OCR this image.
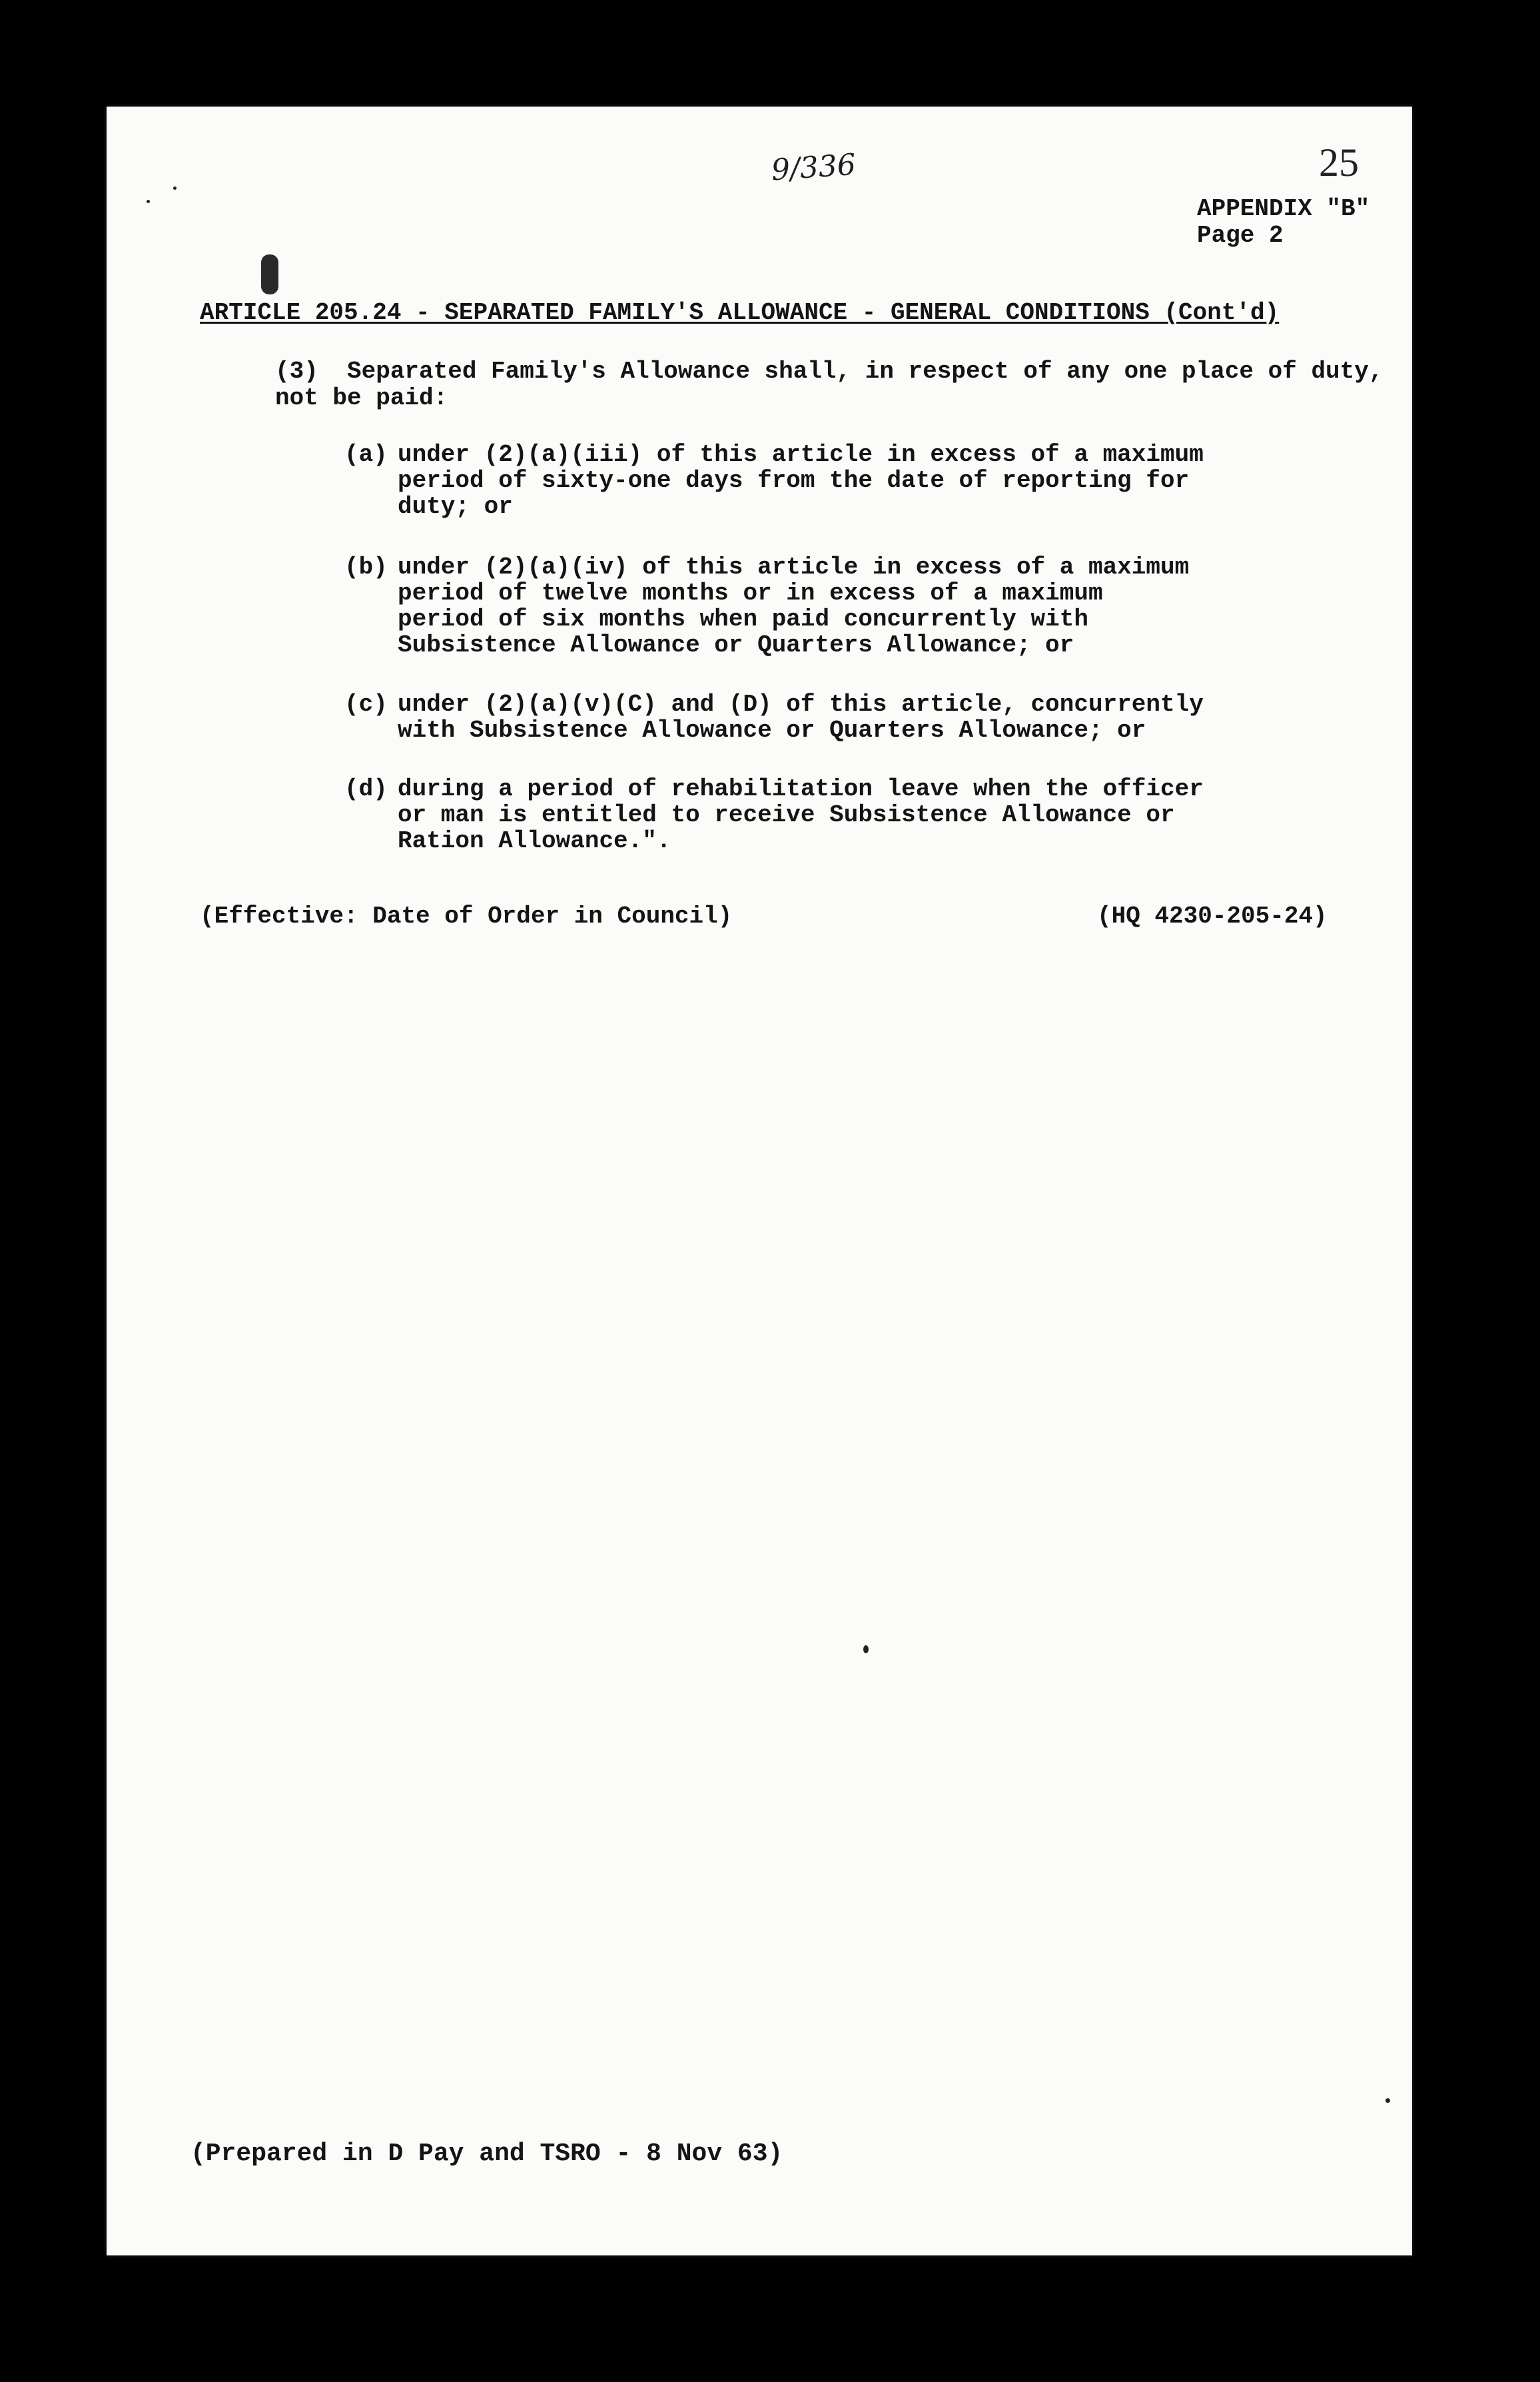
9/336	25
APPENDIX "B"
Page 2
ARTICLE 205.24 - SEPARATED FAMILY'S ALLOWANCE - GENERAL CONDITIONS (Cont'd)
(3)  Separated Family's Allowance shall, in respect of any one place of duty,
not be paid:
(a) under (2)(a)(iii) of this article in excess of a maximum
period of sixty-one days from the date of reporting for
duty; or
(b) under (2)(a)(iv) of this article in excess of a maximum
period of twelve months or in excess of a maximum
period of six months when paid concurrently with
Subsistence Allowance or Quarters Allowance; or
(c) under (2)(a)(v)(C) and (D) of this article, concurrently
with Subsistence Allowance or Quarters Allowance; or
(d) during a period of rehabilitation leave when the officer
or man is entitled to receive Subsistence Allowance or
Ration Allowance.".
(Effective: Date of Order in Council)	(HQ 4230-205-24)
(Prepared in D Pay and TSRO - 8 Nov 63)
